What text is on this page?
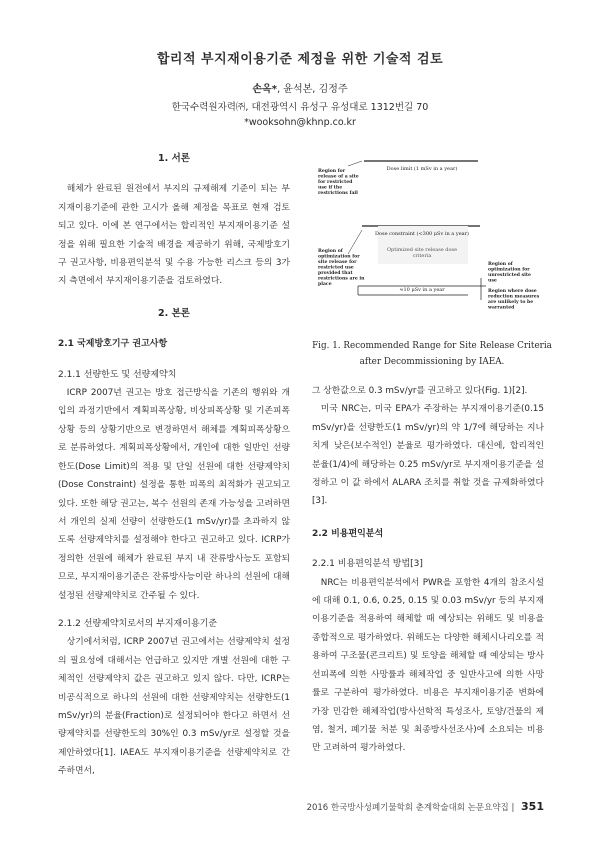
합리적 부지재이용기준 제정을 위한 기술적 검토
손옥*, 윤석본, 김정주
한국수력원자력㈜, 대전광역시 유성구 유성대로 1312번길 70
*wooksohn@khnp.co.kr
1. 서론

해체가 완료된 원전에서 부지의 규제해제 기준이 되는 부지재이용기준에 관한 고시가 올해 제정을 목표로 현재 검토되고 있다. 이에 본 연구에서는 합리적인 부지재이용기준 설정을 위해 필요한 기술적 배경을 제공하기 위해, 국제방호기구 권고사항, 비용편익분석 및 수용 가능한 리스크 등의 3가지 측면에서 부지재이용기준을 검토하였다.

2. 본론
2.1 국제방호기구 권고사항
2.1.1 선량한도 및 선량제약치

ICRP 2007년 권고는 방호 접근방식을 기존의 행위와 개입의 과정기반에서 계획피폭상황, 비상피폭상황 및 기존피폭상황 등의 상황기반으로 변경하면서 해체를 계획피폭상황으로 분류하였다. 계획피폭상황에서, 개인에 대한 일반인 선량한도(Dose Limit)의 적용 및 단일 선원에 대한 선량제약치(Dose Constraint) 설정을 통한 피폭의 최적화가 권고되고 있다. 또한 해당 권고는, 복수 선원의 존재 가능성을 고려하면서 개인의 실제 선량이 선량한도(1 mSv/yr)를 초과하지 않도록 선량제약치를 설정해야 한다고 권고하고 있다. ICRP가 정의한 선원에 해체가 완료된 부지 내 잔류방사능도 포함되므로, 부지재이용기준은 잔류방사능이란 하나의 선원에 대해 설정된 선량제약치로 간주될 수 있다.

2.1.2 선량제약치로서의 부지재이용기준

상기에서처럼, ICRP 2007년 권고에서는 선량제약치 설정의 필요성에 대해서는 언급하고 있지만 개별 선원에 대한 구체적인 선량제약치 값은 권고하고 있지 않다. 다만, ICRP는 비공식적으로 하나의 선원에 대한 선량제약치는 선량한도(1 mSv/yr)의 분율(Fraction)로 설정되어야 한다고 하면서 선량제약치를 선량한도의 30%인 0.3 mSv/yr로 설정할 것을 제안하였다[1]. IAEA도 부지재이용기준을 선량제약치로 간주하면서,

Region for
release of a site
for restricted
use if the
restrictions fail
Region of
optimization for
site release for
restricted use
provided that
restrictions are in
place
Region of
optimization for
unrestricted site
use
Region where dose
reduction measures
are unlikely to be
warranted
Dose limit (1 mSv in a year)
Dose constraint (<300 μSv in a year)
Optimized site release dose
criteria
≈10 μSv in a year
Fig. 1. Recommended Range for Site Release Criteria after Decommissioning by IAEA.
그 상한값으로 0.3 mSv/yr를 권고하고 있다(Fig. 1)[2].

미국 NRC는, 미국 EPA가 주장하는 부지재이용기준(0.15 mSv/yr)을 선량한도(1 mSv/yr)의 약 1/7에 해당하는 지나치게 낮은(보수적인) 분율로 평가하였다. 대신에, 합리적인 분율(1/4)에 해당하는 0.25 mSv/yr로 부지재이용기준을 설정하고 이 값 하에서 ALARA 조치를 취할 것을 규제화하였다[3].

2.2 비용편익분석
2.2.1 비용편익분석 방법[3]

NRC는 비용편익분석에서 PWR을 포함한 4개의 참조시설에 대해 0.1, 0.6, 0.25, 0.15 및 0.03 mSv/yr 등의 부지재이용기준을 적용하여 해체할 때 예상되는 위해도 및 비용을 종합적으로 평가하였다. 위해도는 다양한 해체시나리오를 적용하여 구조물(콘크리트) 및 토양을 해체할 때 예상되는 방사선피폭에 의한 사망률과 해체작업 중 일반사고에 의한 사망률로 구분하여 평가하였다. 비용은 부지재이용기준 변화에 가장 민감한 해체작업(방사선학적 특성조사, 토양/건물의 제염, 철거, 폐기물 처분 및 최종방사선조사)에 소요되는 비용만 고려하여 평가하였다.

2016 한국방사성폐기물학회 춘계학술대회 논문요약집 | 351
